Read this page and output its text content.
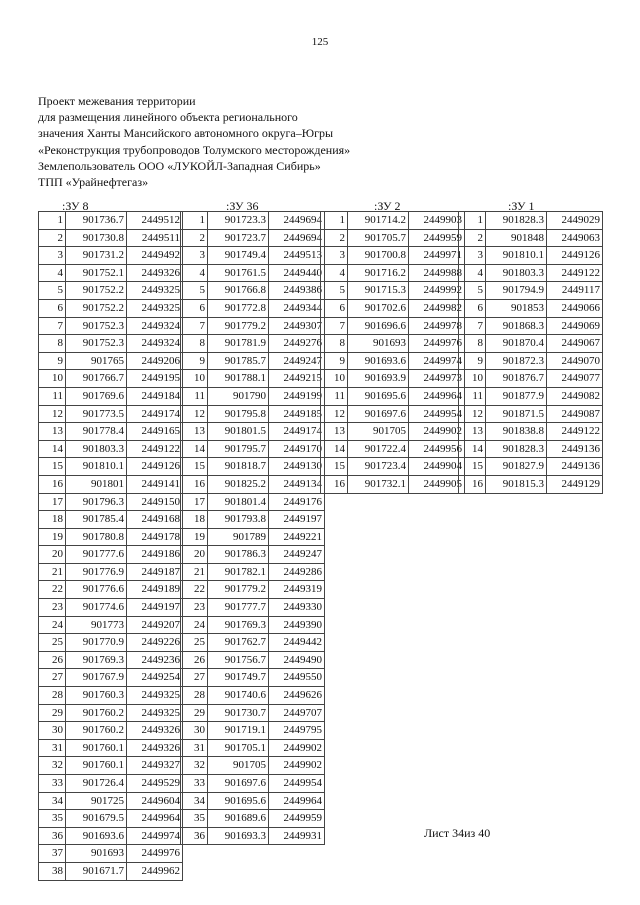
125
Проект межевания территории
для размещения линейного объекта регионального
значения Ханты Мансийского автономного округа–Югры
«Реконструкция трубопроводов Толумского месторождения»
Землепользователь ООО «ЛУКОЙЛ-Западная Сибирь»
ТПП «Урайнефтегаз»
:ЗУ 8	:ЗУ 36	:ЗУ 2	:ЗУ 1
1	901736.7	2449512
2	901730.8	2449511
3	901731.2	2449492
4	901752.1	2449326
5	901752.2	2449325
6	901752.2	2449325
7	901752.3	2449324
8	901752.3	2449324
9	901765	2449206
10	901766.7	2449195
11	901769.6	2449184
12	901773.5	2449174
13	901778.4	2449165
14	901803.3	2449122
15	901810.1	2449126
16	901801	2449141
17	901796.3	2449150
18	901785.4	2449168
19	901780.8	2449178
20	901777.6	2449186
21	901776.9	2449187
22	901776.6	2449189
23	901774.6	2449197
24	901773	2449207
25	901770.9	2449226
26	901769.3	2449236
27	901767.9	2449254
28	901760.3	2449325
29	901760.2	2449325
30	901760.2	2449326
31	901760.1	2449326
32	901760.1	2449327
33	901726.4	2449529
34	901725	2449604
35	901679.5	2449964
36	901693.6	2449974
37	901693	2449976
38	901671.7	2449962
1	901723.3	2449694
2	901723.7	2449694
3	901749.4	2449513
4	901761.5	2449440
5	901766.8	2449386
6	901772.8	2449344
7	901779.2	2449307
8	901781.9	2449276
9	901785.7	2449247
10	901788.1	2449215
11	901790	2449199
12	901795.8	2449185
13	901801.5	2449174
14	901795.7	2449170
15	901818.7	2449130
16	901825.2	2449134
17	901801.4	2449176
18	901793.8	2449197
19	901789	2449221
20	901786.3	2449247
21	901782.1	2449286
22	901779.2	2449319
23	901777.7	2449330
24	901769.3	2449390
25	901762.7	2449442
26	901756.7	2449490
27	901749.7	2449550
28	901740.6	2449626
29	901730.7	2449707
30	901719.1	2449795
31	901705.1	2449902
32	901705	2449902
33	901697.6	2449954
34	901695.6	2449964
35	901689.6	2449959
36	901693.3	2449931
1	901714.2	2449903
2	901705.7	2449959
3	901700.8	2449971
4	901716.2	2449988
5	901715.3	2449992
6	901702.6	2449982
7	901696.6	2449978
8	901693	2449976
9	901693.6	2449974
10	901693.9	2449973
11	901695.6	2449964
12	901697.6	2449954
13	901705	2449902
14	901722.4	2449956
15	901723.4	2449904
16	901732.1	2449905
1	901828.3	2449029
2	901848	2449063
3	901810.1	2449126
4	901803.3	2449122
5	901794.9	2449117
6	901853	2449066
7	901868.3	2449069
8	901870.4	2449067
9	901872.3	2449070
10	901876.7	2449077
11	901877.9	2449082
12	901871.5	2449087
13	901838.8	2449122
14	901828.3	2449136
15	901827.9	2449136
16	901815.3	2449129
Лист 34из 40
